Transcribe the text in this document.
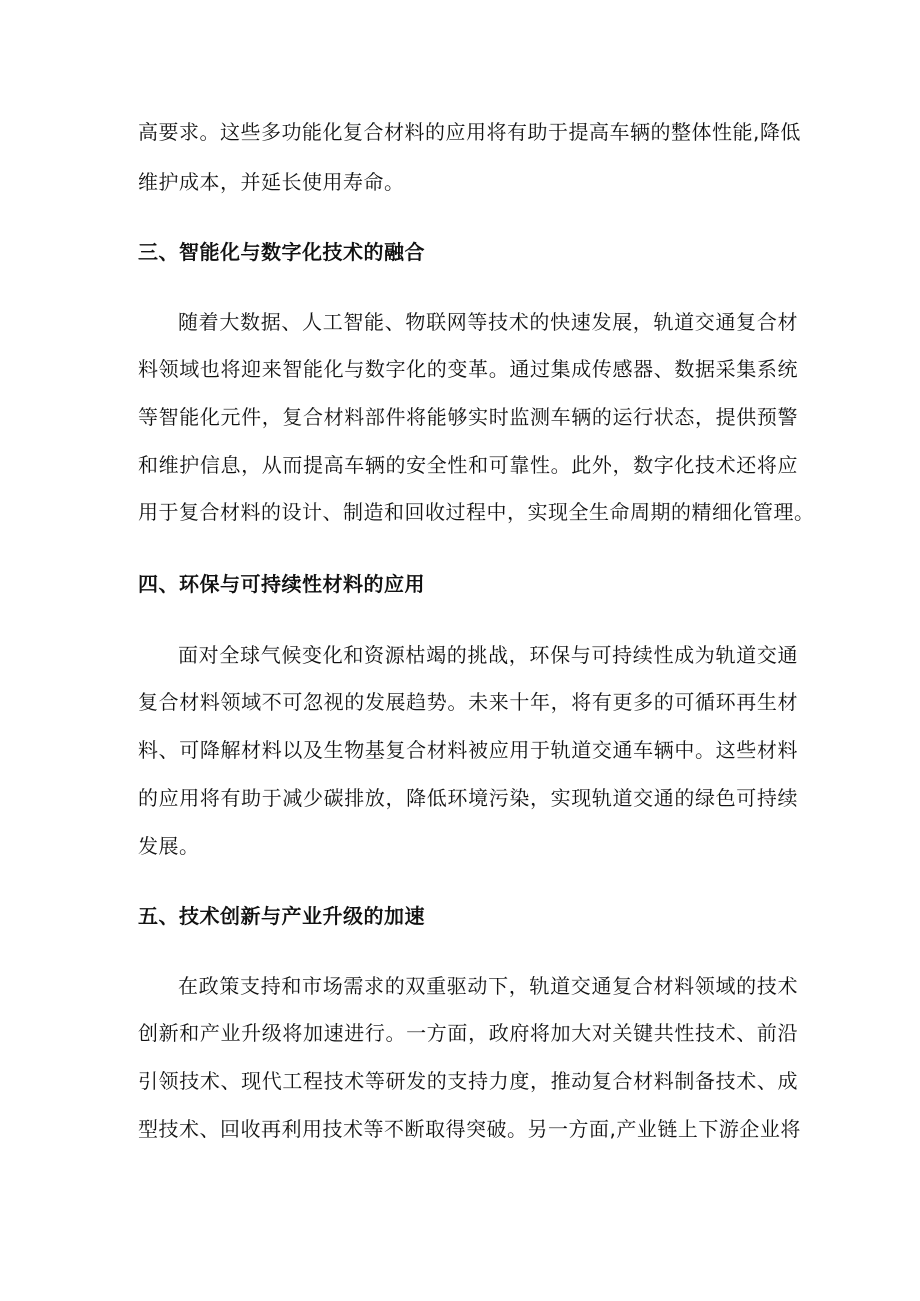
高要求。这些多功能化复合材料的应用将有助于提高车辆的整体性能,降低
维护成本，并延长使用寿命。
三、智能化与数字化技术的融合
随着大数据、人工智能、物联网等技术的快速发展，轨道交通复合材
料领域也将迎来智能化与数字化的变革。通过集成传感器、数据采集系统
等智能化元件，复合材料部件将能够实时监测车辆的运行状态，提供预警
和维护信息，从而提高车辆的安全性和可靠性。此外，数字化技术还将应
用于复合材料的设计、制造和回收过程中，实现全生命周期的精细化管理。
四、环保与可持续性材料的应用
面对全球气候变化和资源枯竭的挑战，环保与可持续性成为轨道交通
复合材料领域不可忽视的发展趋势。未来十年，将有更多的可循环再生材
料、可降解材料以及生物基复合材料被应用于轨道交通车辆中。这些材料
的应用将有助于减少碳排放，降低环境污染，实现轨道交通的绿色可持续
发展。
五、技术创新与产业升级的加速
在政策支持和市场需求的双重驱动下，轨道交通复合材料领域的技术
创新和产业升级将加速进行。一方面，政府将加大对关键共性技术、前沿
引领技术、现代工程技术等研发的支持力度，推动复合材料制备技术、成
型技术、回收再利用技术等不断取得突破。另一方面,产业链上下游企业将
